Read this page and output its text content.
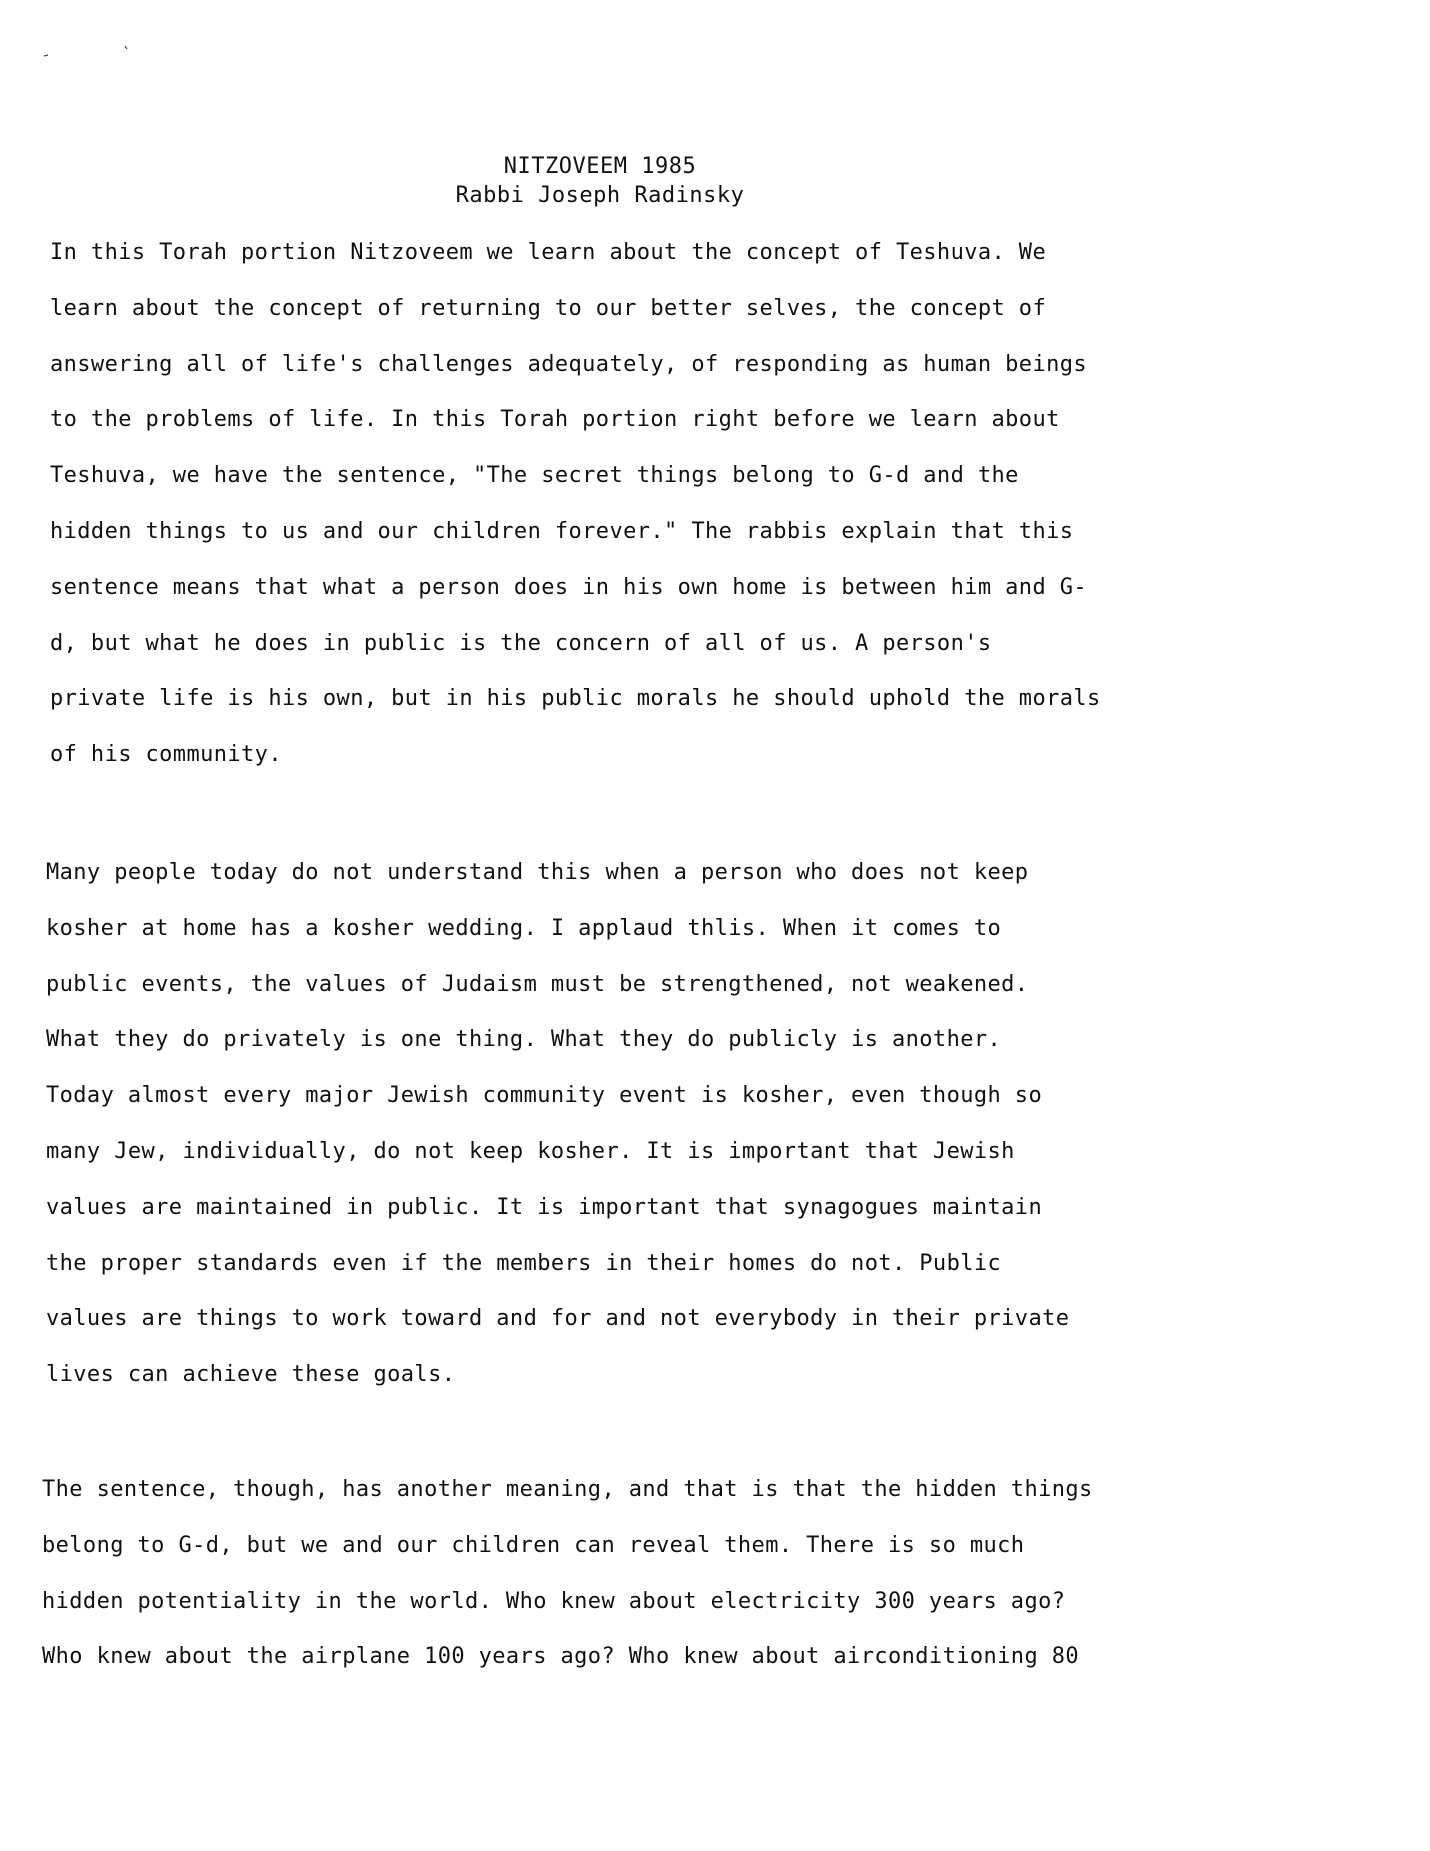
NITZOVEEM 1985
Rabbi Joseph Radinsky
In this Torah portion Nitzoveem we learn about the concept of Teshuva. We
learn about the concept of returning to our better selves, the concept of
answering all of life's challenges adequately, of responding as human beings
to the problems of life. In this Torah portion right before we learn about
Teshuva, we have the sentence, "The secret things belong to G-d and the
hidden things to us and our children forever." The rabbis explain that this
sentence means that what a person does in his own home is between him and G-
d, but what he does in public is the concern of all of us. A person's
private life is his own, but in his public morals he should uphold the morals
of his community.
Many people today do not understand this when a person who does not keep
kosher at home has a kosher wedding. I applaud thlis. When it comes to
public events, the values of Judaism must be strengthened, not weakened.
What they do privately is one thing. What they do publicly is another.
Today almost every major Jewish community event is kosher, even though so
many Jew, individually, do not keep kosher. It is important that Jewish
values are maintained in public. It is important that synagogues maintain
the proper standards even if the members in their homes do not. Public
values are things to work toward and for and not everybody in their private
lives can achieve these goals.
The sentence, though, has another meaning, and that is that the hidden things
belong to G-d, but we and our children can reveal them. There is so much
hidden potentiality in the world. Who knew about electricity 300 years ago?
Who knew about the airplane 100 years ago? Who knew about airconditioning 80
